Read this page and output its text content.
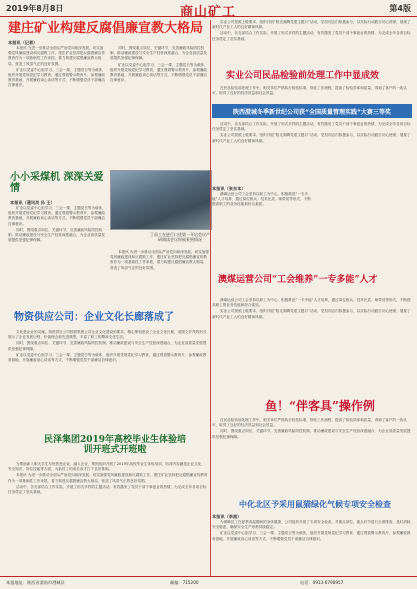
2019年8月8日	商山矿工	第4版
建庄矿业构建反腐倡廉宣教大格局
本报讯（记者）

本报讯 为进一步推动全面从严治党向纵深发展，切实加强党风廉政建设和反腐败工作，建庄矿业坚持把反腐倡廉宣传教育作为一项基础性工作来抓，着力构建反腐倡廉宣教大格局，营造了风清气正的良好氛围。

矿业以党委中心组学习、三会一课、主题党日等为载体，组织开展党规党纪学习教育，通过观看警示教育片、参观廉政教育基地、开展廉政谈心谈话等方式，不断增强党员干部廉洁自律意识。

同时，围绕重点岗位、关键环节，完善廉政风险防控机制，推动廉政建设与安全生产经营深度融合，为企业高质量发展提供坚强纪律保障。

矿业以党委中心组学习、三会一课、主题党日等为载体，组织开展党规党纪学习教育，通过观看警示教育片、参观廉政教育基地、开展廉政谈心谈话等方式，不断增强党员干部廉洁自律意识。

实业公司按照上级要求，组织开展“阳光沸腾党建主题月”活动，党员同志们积极参与，以实际行动践行初心使命，展现了新时代产业工人的良好精神风貌。

活动中，各支部结合工作实际，开展了形式多样的主题活动，有效激发了党员干部干事创业的热情，为完成全年各项目标任务奠定了坚实基础。

实业公司民品检验前处理工作中显成效

在民品检验前处理工作中，相关单位严格执行检验标准，细化工作流程，提高了检验效率和质量，得到了客户的一致认可，取得了良好的经济效益和社会效益。

陕西澄城冬季新世纪公司获“全国质量管理实践”大赛三等奖

活动中，各支部结合工作实际，开展了形式多样的主题活动，有效激发了党员干部干事创业的热情，为完成全年各项目标任务奠定了坚实基础。

实业公司按照上级要求，组织开展“阳光沸腾党建主题月”活动，党员同志们积极参与，以实际行动践行初心使命，展现了新时代产业工人的良好精神风貌。

小小采煤机 深深关爱情
本报讯（通讯员 孙 王）

矿业以党委中心组学习、三会一课、主题党日等为载体，组织开展党规党纪学习教育，通过观看警示教育片、参观廉政教育基地、开展廉政谈心谈话等方式，不断增强党员干部廉洁自律意识。

同时，围绕重点岗位、关键环节，完善廉政风险防控机制，推动廉政建设与安全生产经营深度融合，为企业高质量发展提供坚强纪律保障。

丁苗工在进行口述第一开启会议产研阅读会议时候景展情况

本报讯 为进一步推动全面从严治党向纵深发展，切实加强党风廉政建设和反腐败工作，建庄矿业坚持把反腐倡廉宣传教育作为一项基础性工作来抓，着力构建反腐倡廉宣教大格局，营造了风清气正的良好氛围。

物资供应公司：企业文化长廊落成了

文化是企业的灵魂。物资供应公司按照集团公司企业文化建设的要求，精心策划建设了企业文化长廊，用图文并茂的形式展示了企业发展历程、价值理念和先进典型，丰富了职工的精神文化生活。

同时，围绕重点岗位、关键环节，完善廉政风险防控机制，推动廉政建设与安全生产经营深度融合，为企业高质量发展提供坚强纪律保障。

矿业以党委中心组学习、三会一课、主题党日等为载体，组织开展党规党纪学习教育，通过观看警示教育片、参观廉政教育基地、开展廉政谈心谈话等方式，不断增强党员干部廉洁自律意识。

民泽集团2019年高校毕业生体验培训开班式开班啦

为帮助新入职大学生尽快熟悉企业、融入企业，集团组织开展了2019年高校毕业生体验培训，培训内容涵盖企业文化、安全知识、岗位技能等方面，为新员工的成长成才打下良好基础。

本报讯 为进一步推动全面从严治党向纵深发展，切实加强党风廉政建设和反腐败工作，建庄矿业坚持把反腐倡廉宣传教育作为一项基础性工作来抓，着力构建反腐倡廉宣教大格局，营造了风清气正的良好氛围。

活动中，各支部结合工作实际，开展了形式多样的主题活动，有效激发了党员干部干事创业的热情，为完成全年各项目标任务奠定了坚实基础。

本报讯（张东本）

澳煤运营公司工会坚持以职工为中心，积极推进“一专多能”人才培养，通过岗位练兵、技术比武、师带徒等形式，不断提高职工的业务技能和综合素质。

澳煤运营公司“工会维养”一专多能”人才

澳煤运营公司工会坚持以职工为中心，积极推进“一专多能”人才培养，通过岗位练兵、技术比武、师带徒等形式，不断提高职工的业务技能和综合素质。

实业公司按照上级要求，组织开展“阳光沸腾党建主题月”活动，党员同志们积极参与，以实际行动践行初心使命，展现了新时代产业工人的良好精神风貌。

鱼！“伴客具”操作例

在民品检验前处理工作中，相关单位严格执行检验标准，细化工作流程，提高了检验效率和质量，得到了客户的一致认可，取得了良好的经济效益和社会效益。

同时，围绕重点岗位、关键环节，完善廉政风险防控机制，推动廉政建设与安全生产经营深度融合，为企业高质量发展提供坚强纪律保障。

中化北区予采用鼠猫绿化气候专项安全检查
本报讯（李黑）

为保障员工在夏季高温期间的身体健康，公司组织开展了专项安全检查，对重点部位、重点环节进行全面排查，及时消除安全隐患，确保安全生产形势持续稳定。

矿业以党委中心组学习、三会一课、主题党日等为载体，组织开展党规党纪学习教育，通过观看警示教育片、参观廉政教育基地、开展廉政谈心谈话等方式，不断增强党员干部廉洁自律意识。

本报地址：陕西省渭南市澄城县	邮编：715200	电话：0913-6798957
